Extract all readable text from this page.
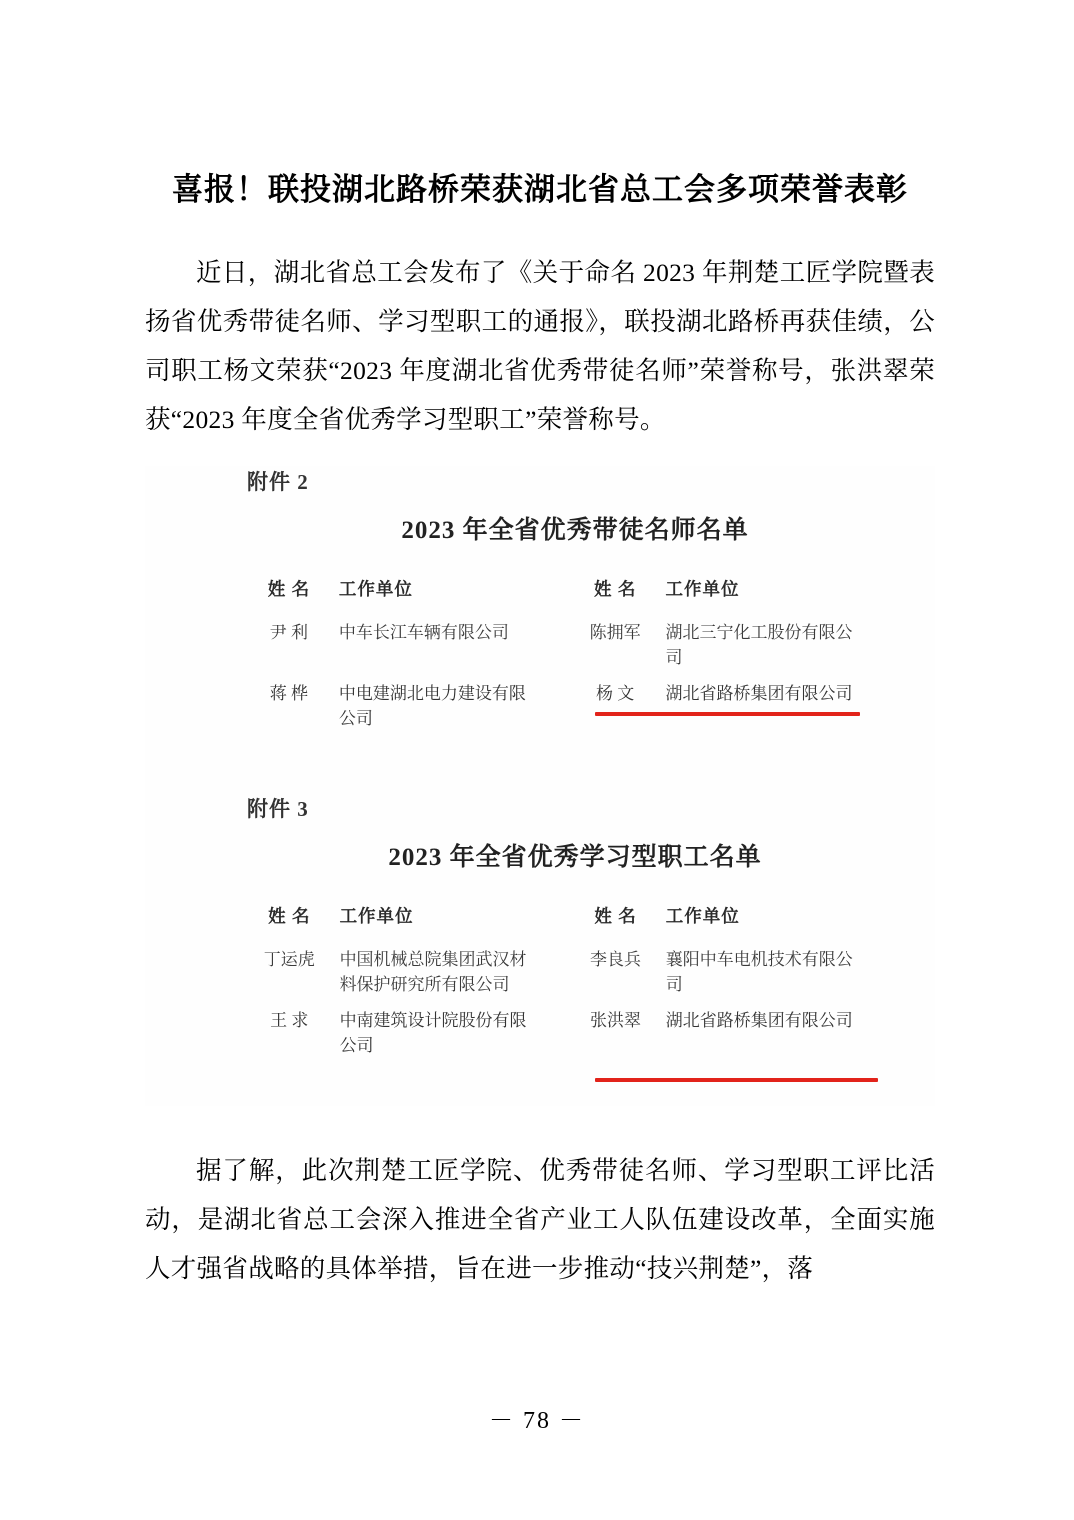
喜报！联投湖北路桥荣获湖北省总工会多项荣誉表彰

近日，湖北省总工会发布了《关于命名 2023 年荆楚工匠学院暨表扬省优秀带徒名师、学习型职工的通报》，联投湖北路桥再获佳绩，公司职工杨文荣获“2023 年度湖北省优秀带徒名师”荣誉称号，张洪翠荣获“2023 年度全省优秀学习型职工”荣誉称号。

附件 2
2023 年全省优秀带徒名师名单
姓 名	工作单位		姓 名	工作单位
尹 利	中车长江车辆有限公司		陈拥军	湖北三宁化工股份有限公司
蒋 桦	中电建湖北电力建设有限公司		杨 文	湖北省路桥集团有限公司
附件 3
2023 年全省优秀学习型职工名单
姓 名	工作单位		姓 名	工作单位
丁运虎	中国机械总院集团武汉材料保护研究所有限公司		李良兵	襄阳中车电机技术有限公司
王 求	中南建筑设计院股份有限公司		张洪翠	湖北省路桥集团有限公司

据了解，此次荆楚工匠学院、优秀带徒名师、学习型职工评比活动，是湖北省总工会深入推进全省产业工人队伍建设改革，全面实施人才强省战略的具体举措，旨在进一步推动“技兴荆楚”，落

－ 78 －
